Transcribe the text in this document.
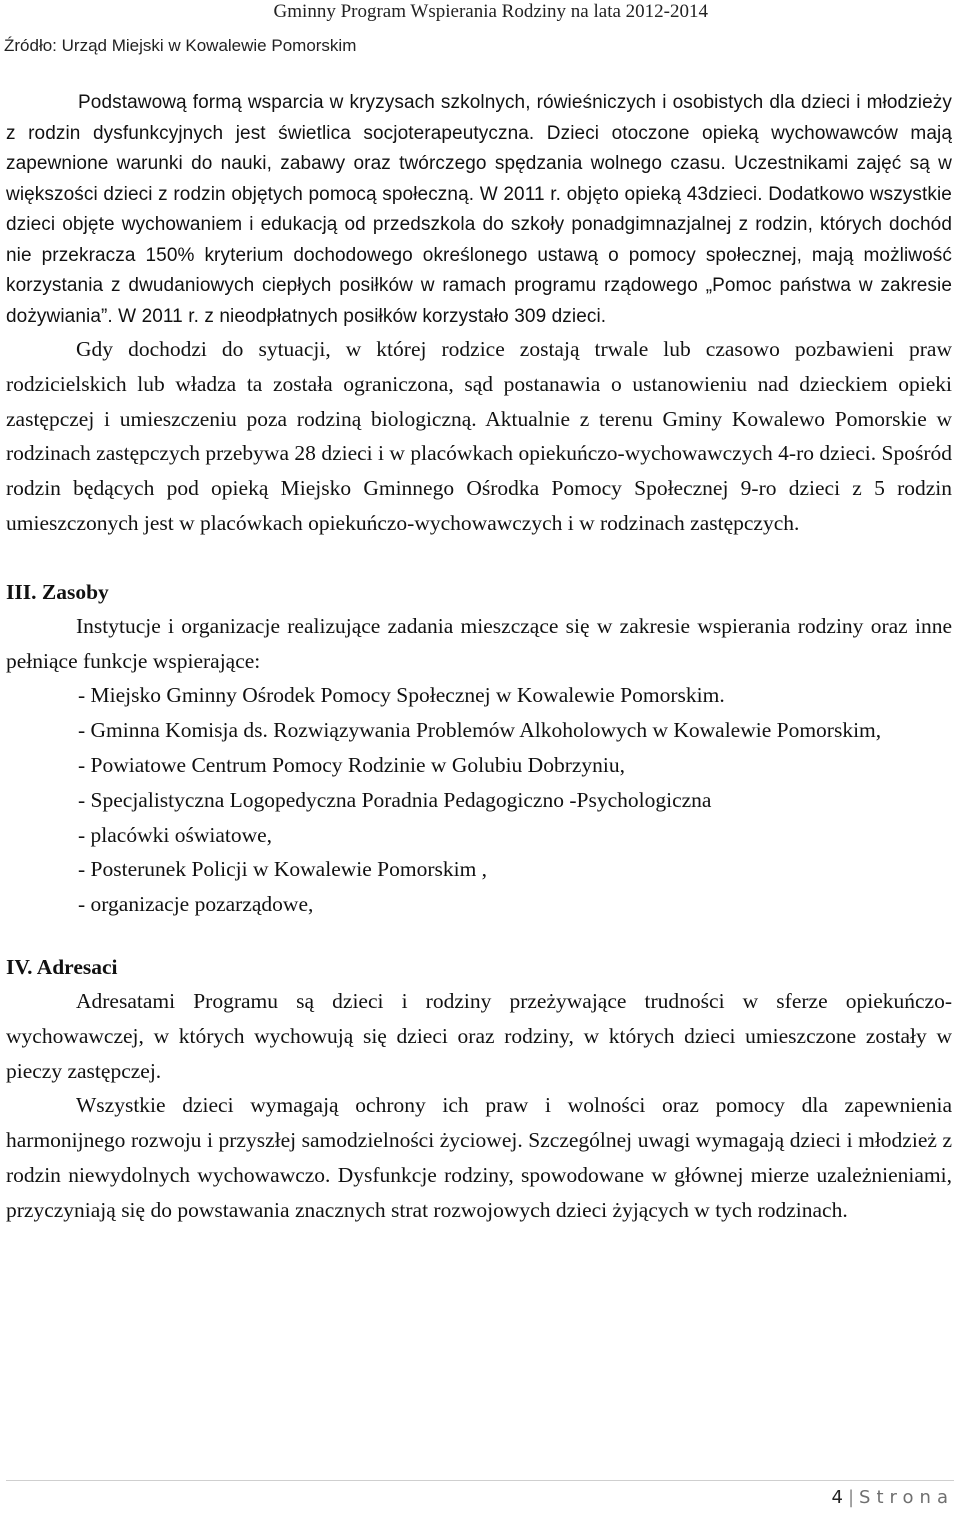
Gminny Program Wspierania Rodziny na lata 2012-2014
Źródło: Urząd Miejski w Kowalewie Pomorskim

Podstawową formą wsparcia w kryzysach szkolnych, rówieśniczych i osobistych dla dzieci i młodzieży z rodzin dysfunkcyjnych jest świetlica socjoterapeutyczna. Dzieci otoczone opieką wychowawców mają zapewnione warunki do nauki, zabawy oraz twórczego spędzania wolnego czasu. Uczestnikami zajęć są w większości dzieci z rodzin objętych pomocą społeczną. W 2011 r. objęto opieką 43dzieci. Dodatkowo wszystkie dzieci objęte wychowaniem i edukacją od przedszkola do szkoły ponadgimnazjalnej z rodzin, których dochód nie przekracza 150% kryterium dochodowego określonego ustawą o pomocy społecznej, mają możliwość korzystania z dwudaniowych ciepłych posiłków w ramach programu rządowego „Pomoc państwa w zakresie dożywiania”. W 2011 r. z nieodpłatnych posiłków korzystało 309 dzieci.

Gdy dochodzi do sytuacji, w której rodzice zostają trwale lub czasowo pozbawieni praw rodzicielskich lub władza ta została ograniczona, sąd postanawia o ustanowieniu nad dzieckiem opieki zastępczej i umieszczeniu poza rodziną biologiczną. Aktualnie z terenu Gminy Kowalewo Pomorskie w rodzinach zastępczych przebywa 28 dzieci i w placówkach opiekuńczo-wychowawczych 4-ro dzieci. Spośród rodzin będących pod opieką Miejsko Gminnego Ośrodka Pomocy Społecznej 9-ro dzieci z 5 rodzin umieszczonych jest w placówkach opiekuńczo-wychowawczych i w rodzinach zastępczych.

III. Zasoby

Instytucje i organizacje realizujące zadania mieszczące się w zakresie wspierania rodziny oraz inne pełniące funkcje wspierające:

- Miejsko Gminny Ośrodek Pomocy Społecznej w Kowalewie Pomorskim.
- Gminna Komisja ds. Rozwiązywania Problemów Alkoholowych w Kowalewie Pomorskim,
- Powiatowe Centrum Pomocy Rodzinie w Golubiu Dobrzyniu,
- Specjalistyczna Logopedyczna Poradnia Pedagogiczno -Psychologiczna
- placówki oświatowe,
- Posterunek Policji w Kowalewie Pomorskim ,
- organizacje pozarządowe,
IV. Adresaci

Adresatami Programu są dzieci i rodziny przeżywające trudności w sferze opiekuńczo-wychowawczej, w których wychowują się dzieci oraz rodziny, w których dzieci umieszczone zostały w pieczy zastępczej.

Wszystkie dzieci wymagają ochrony ich praw i wolności oraz pomocy dla zapewnienia harmonijnego rozwoju i przyszłej samodzielności życiowej. Szczególnej uwagi wymagają dzieci i młodzież z rodzin niewydolnych wychowawczo. Dysfunkcje rodziny, spowodowane w głównej mierze uzależnieniami, przyczyniają się do powstawania znacznych strat rozwojowych dzieci żyjących w tych rodzinach.

4 | Strona
